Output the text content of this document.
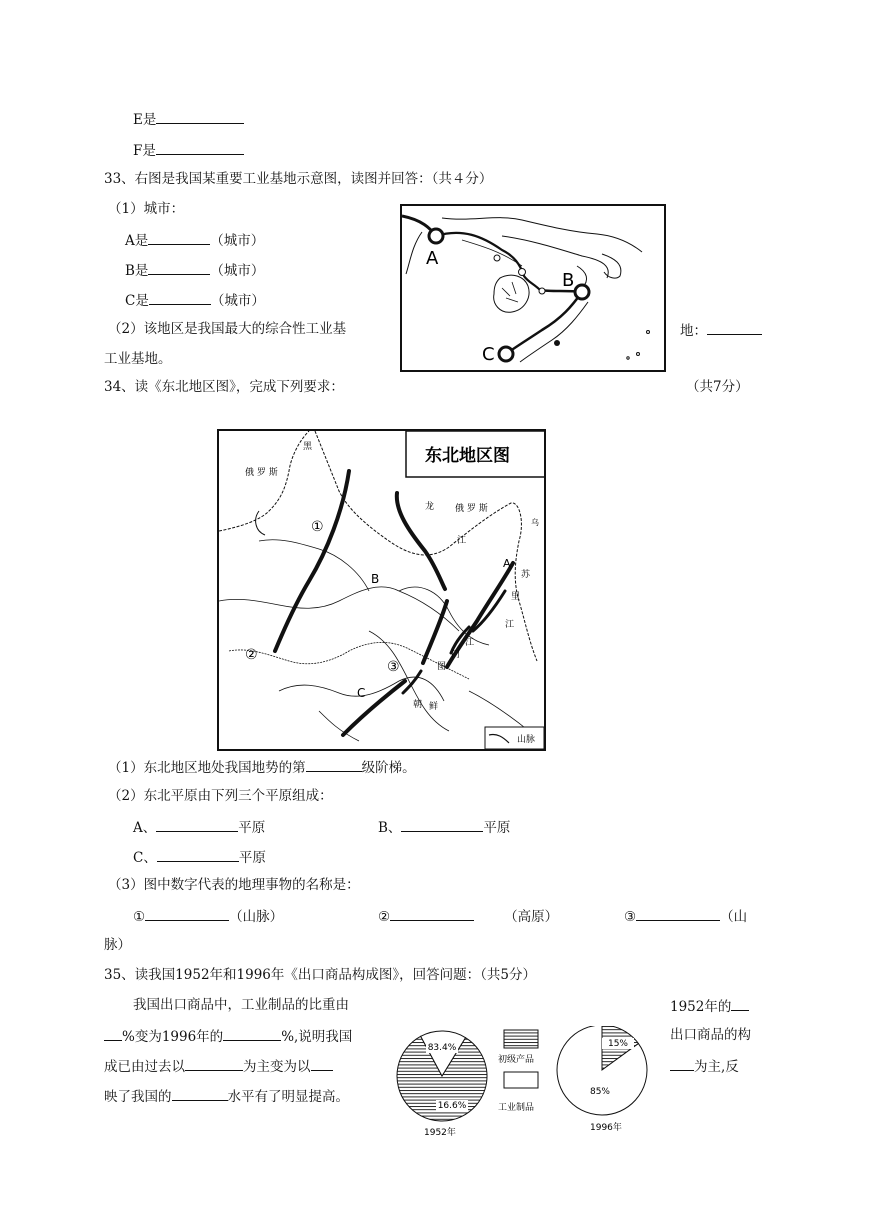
E是
F是
33、右图是我国某重要工业基地示意图，读图并回答：（共４分）
（1）城市：
A是	（城市）
B是	（城市）
C是	（城市）
（2）该地区是我国最大的综合性工业基	地：
工业基地。
A
B
C
34、读《东北地区图》，完成下列要求：	（共7分）
东北地区图
山脉
黑
俄 罗 斯
俄 罗 斯
龙
江
乌
苏
里
江
图
门
江
朝 鲜
①
②
③
B
C
A
（1）东北地区地处我国地势的第	级阶梯。
（2）东北平原由下列三个平原组成：
A、	平原	B、	平原
C、	平原
（3）图中数字代表的地理事物的名称是：
①	（山脉）	②	（高原）	③	（山
脉）
35、读我国1952年和1996年《出口商品构成图》，回答问题：（共5分）
我国出口商品中，工业制品的比重由	1952年的
%变为1996年的	%,说明我国	出口商品的构
成已由过去以	为主变为以	为主,反
映了我国的	水平有了明显提高。
83.4%
16.6%
15%
85%
1952年	1996年
初级产品
工业制品
